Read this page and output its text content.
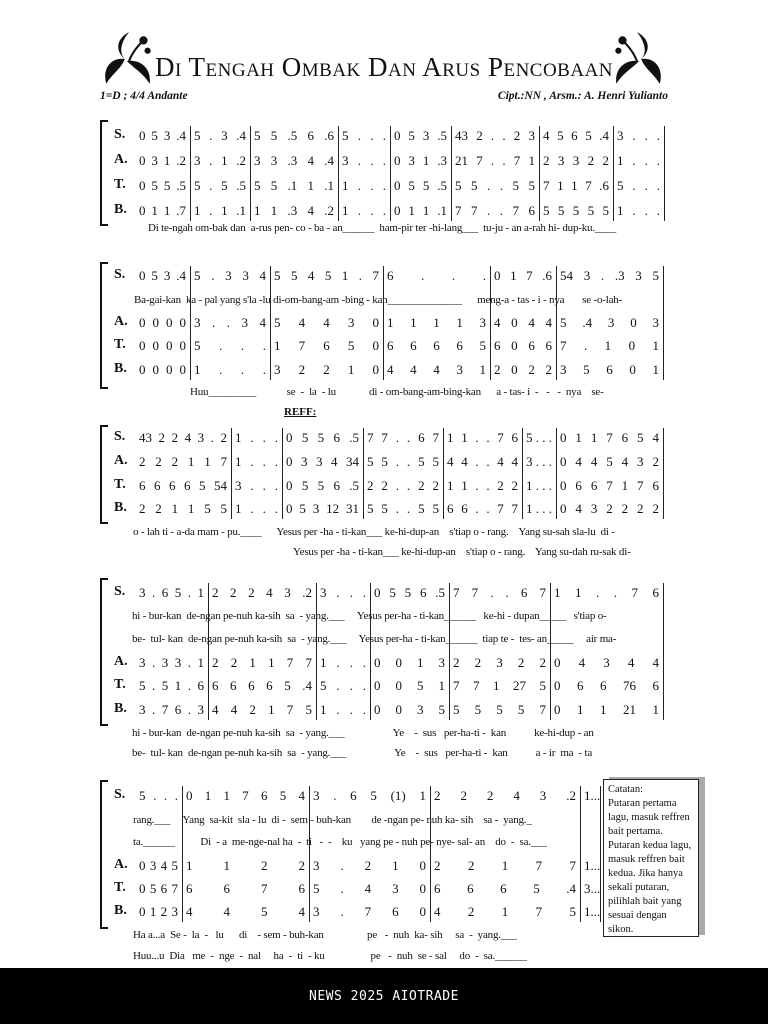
Di Tengah Ombak Dan Arus Pencobaan
1=D ; 4/4 Andante	Cipt.:NN , Arsm.: A. Henri Yulianto
S. 0 5 3 .4 5 . 3 .4 5 5 .5 6 .6 5 . . . 0 5 3 .5 43 2 . . 2 3 4 5 6 5 .4 3 . . .
A. 0 3 1 .2 3 . 1 .2 3 3 .3 4 .4 3 . . . 0 3 1 .3 21 7 . . 7 1 2 3 3 2 2 1 . . .
T. 0 5 5 .5 5 . 5 .5 5 5 .1 1 .1 1 . . . 0 5 5 .5 5 5 . . 5 5 7 1 1 7 .6 5 . . .
B. 0 1 1 .7 1 . 1 .1 1 1 .3 4 .2 1 . . . 0 1 1 .1 7 7 . . 7 6 5 5 5 5 5 1 . . .
Di te-ngah om-bak dan  a-rus pen- co - ba - an______  ham-pir ter -hi-lang___  tu-ju - an a-rah hi- dup-ku.____
S. 0 5 3 .4 5 . 3 3 4 5 5 4 5 1 . 7 6 . . . 0 1 7 .6 54 3 . .3 3 5
Ba-gai-kan  ka - pal yang s'la -lu di-om-bang-am -bing - kan______________      meng-a - tas - i - nya       se -o-lah-
A. 0 0 0 0 3 . . 3 4 5 4 4 3 0 1 1 1 1 3 4 0 4 4 5 .4 3 0 3
T. 0 0 0 0 5 . . . 1 7 6 5 0 6 6 6 6 5 6 0 6 6 7 . 1 0 1
B. 0 0 0 0 1 . . . 3 2 2 1 0 4 4 4 3 1 2 0 2 2 3 5 6 0 1
Huu_________            se  -  la  - lu             di - om-bang-am-bing-kan      a - tas- i  -   -   -  nya    se-
S. 43 2 2 4 3 . 2 1 . . . 0 5 5 6 .5 7 7 . . 6 7 1 1 . . 7 6 5 . . . 0 1 1 7 6 5 4
A. 2 2 2 1 1 7 1 . . . 0 3 3 4 34 5 5 . . 5 5 4 4 . . 4 4 3 . . . 0 4 4 5 4 3 2
T. 6 6 6 6 5 54 3 . . . 0 5 5 6 .5 2 2 . . 2 2 1 1 . . 2 2 1 . . . 0 6 6 7 1 7 6
B. 2 2 1 1 5 5 1 . . . 0 5 3 12 31 5 5 . . 5 5 6 6 . . 7 7 1 . . . 0 4 3 2 2 2 2
o - lah ti - a-da mam - pu.____      Yesus per -ha - ti-kan___ ke-hi-dup-an    s'tiap o - rang.    Yang su-sah sla-lu  di -
Yesus per -ha - ti-kan___ ke-hi-dup-an    s'tiap o - rang.    Yang su-dah ru-sak di-
S. 3 . 6 5 . 1 2 2 2 4 3 .2 3 . . . 0 5 5 6 .5 7 7 . . 6 7 1 1 . . 7 6
hi - bur-kan  de-ngan pe-nuh ka-sih  sa  - yang.___     Yesus per-ha - ti-kan______   ke-hi - dupan_____   s'tiap o-
be-  tul- kan  de-ngan pe-nuh ka-sih  sa  - yang.___     Yesus per-ha - ti-kan______  tiap te -  tes- an_____     air ma-
A. 3 . 3 3 . 1 2 2 1 1 7 7 1 . . . 0 0 1 3 2 2 3 2 2 0 4 3 4 4
T. 5 . 5 1 . 6 6 6 6 6 5 .4 5 . . . 0 0 5 1 7 7 1 27 5 0 6 6 76 6
B. 3 . 7 6 . 3 4 4 2 1 7 5 1 . . . 0 0 3 5 5 5 5 5 7 0 1 1 21 1
hi - bur-kan  de-ngan pe-nuh ka-sih  sa  - yang.___                   Ye    -  sus   per-ha-ti -  kan           ke-hi-dup - an
be-  tul- kan  de-ngan pe-nuh ka-sih  sa  - yang.___                   Ye    -  sus   per-ha-ti -  kan           a - ir  ma  - ta
S. 5 . . . 0 1 1 7 6 5 4 3 . 6 5 (1) 1 2 2 2 4 3 .2 1 . . .
rang.___     Yang  sa-kit  sla - lu  di -  sem - buh-kan        de -ngan pe- nuh ka- sih    sa -  yang._
ta.______          Di  - a  me-nge-nal ha  -  ti   -  -    ku   yang pe - nuh pe- nye- sal- an    do  -  sa.___
A. 0 3 4 5 1 1 2 2 3 . 2 1 0 2 2 1 7 7 1 . . .
T. 0 5 6 7 6 6 7 6 5 . 4 3 0 6 6 6 5 .4 3 . . .
B. 0 1 2 3 4 4 5 4 3 . 7 6 0 4 2 1 7 5 1 . . .
Ha a...a  Se -  la  -   lu      di    - sem - buh-kan                 pe   -  nuh  ka- sih     sa  -  yang.___
Huu...u  Dia   me  -  nge  -  nal     ha  -  ti  - ku                  pe   -  nuh  se - sal     do  -  sa.______
REFF:
Catatan:
Putaran pertama lagu, masuk reffren bait pertama. Putaran kedua lagu, masuk reffren bait kedua. Jika hanya sekali putaran, pilihlah bait yang sesuai dengan sikon.
NEWS 2025 AIOTRADE
